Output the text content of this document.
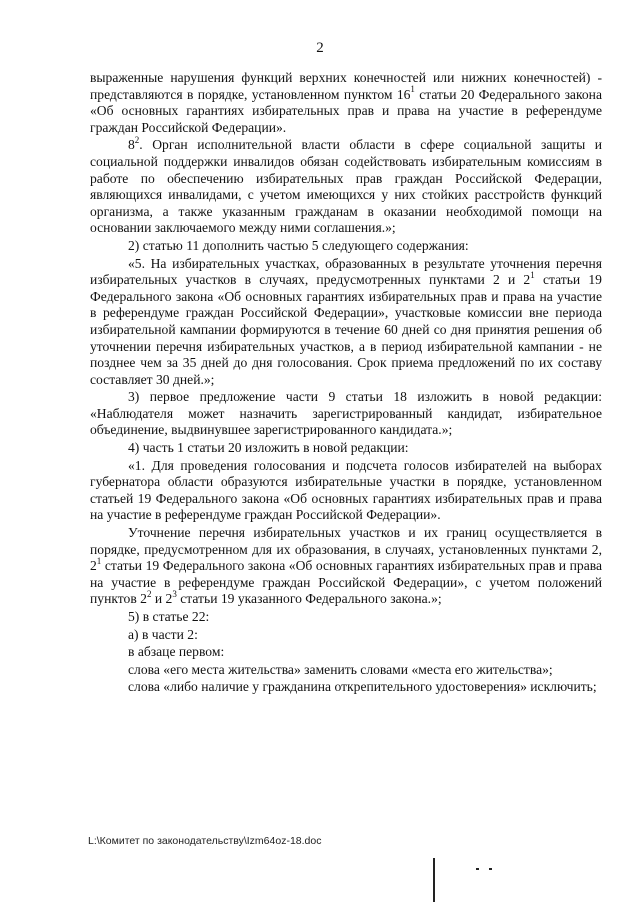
2

выраженные нарушения функций верхних конечностей или нижних конечностей) - представляются в порядке, установленном пунктом $16^1$ статьи 20 Федерального закона «Об основных гарантиях избирательных прав и права на участие в референдуме граждан Российской Федерации».

$8^2$. Орган исполнительной власти области в сфере социальной защиты и социальной поддержки инвалидов обязан содействовать избирательным комиссиям в работе по обеспечению избирательных прав граждан Российской Федерации, являющихся инвалидами, с учетом имеющихся у них стойких расстройств функций организма, а также указанным гражданам в оказании необходимой помощи на основании заключаемого между ними соглашения.»;

2) статью 11 дополнить частью 5 следующего содержания:

«5. На избирательных участках, образованных в результате уточнения перечня избирательных участков в случаях, предусмотренных пунктами 2 и $2^1$ статьи 19 Федерального закона «Об основных гарантиях избирательных прав и права на участие в референдуме граждан Российской Федерации», участковые комиссии вне периода избирательной кампании формируются в течение 60 дней со дня принятия решения об уточнении перечня избирательных участков, а в период избирательной кампании - не позднее чем за 35 дней до дня голосования. Срок приема предложений по их составу составляет 30 дней.»;

3) первое предложение части 9 статьи 18 изложить в новой редакции: «Наблюдателя может назначить зарегистрированный кандидат, избирательное объединение, выдвинувшее зарегистрированного кандидата.»;

4) часть 1 статьи 20 изложить в новой редакции:

«1. Для проведения голосования и подсчета голосов избирателей на выборах губернатора области образуются избирательные участки в порядке, установленном статьей 19 Федерального закона «Об основных гарантиях избирательных прав и права на участие в референдуме граждан Российской Федерации».

Уточнение перечня избирательных участков и их границ осуществляется в порядке, предусмотренном для их образования, в случаях, установленных пунктами 2, $2^1$ статьи 19 Федерального закона «Об основных гарантиях избирательных прав и права на участие в референдуме граждан Российской Федерации», с учетом положений пунктов $2^2$ и $2^3$ статьи 19 указанного Федерального закона.»;

5) в статье 22:

а) в части 2:

в абзаце первом:

слова «его места жительства» заменить словами «места его жительства»;

слова «либо наличие у гражданина открепительного удостоверения» исключить;

L:\Комитет по законодательству\Izm64oz-18.doc
